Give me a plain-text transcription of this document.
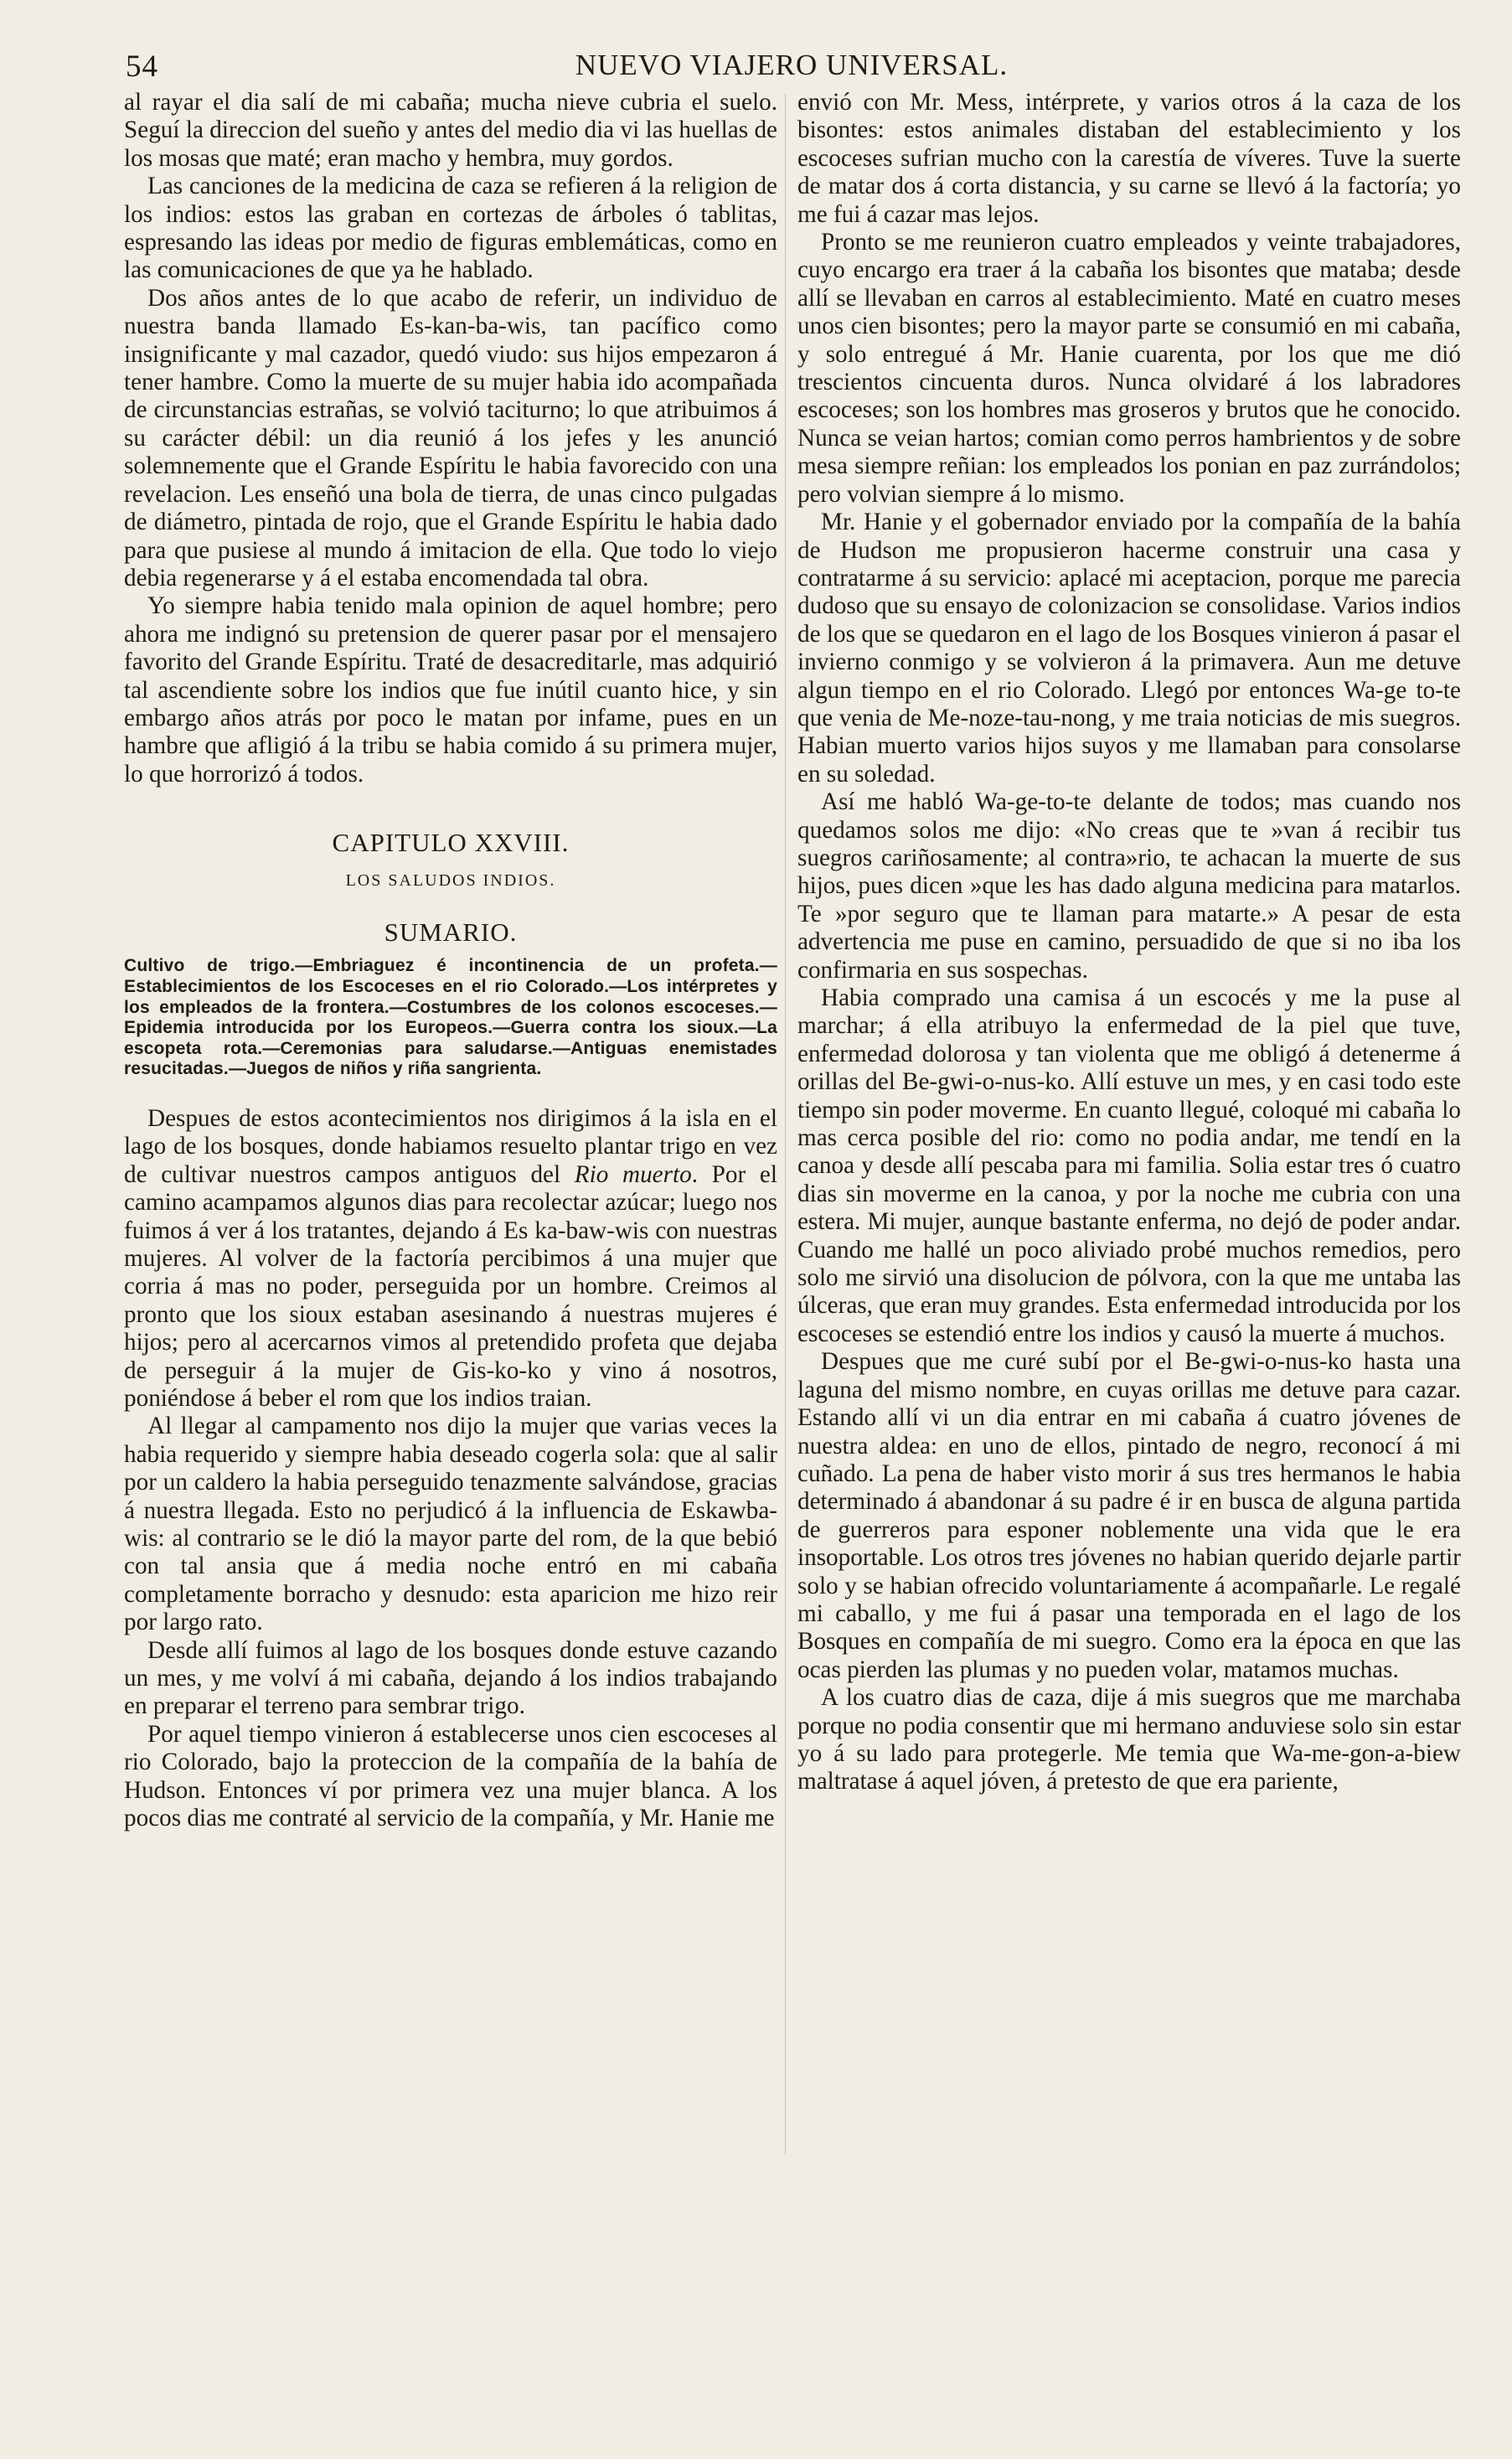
54	NUEVO VIAJERO UNIVERSAL.

al rayar el dia salí de mi cabaña; mucha nieve cubria el suelo. Seguí la direccion del sueño y antes del medio dia vi las huellas de los mosas que maté; eran macho y hembra, muy gordos.

Las canciones de la medicina de caza se refieren á la religion de los indios: estos las graban en cortezas de árboles ó tablitas, espresando las ideas por medio de figuras emblemáticas, como en las comunicaciones de que ya he hablado.

Dos años antes de lo que acabo de referir, un individuo de nuestra banda llamado Es-kan-ba-wis, tan pacífico como insignificante y mal cazador, quedó viudo: sus hijos empezaron á tener hambre. Como la muerte de su mujer habia ido acompañada de circunstancias estrañas, se volvió taciturno; lo que atribuimos á su carácter débil: un dia reunió á los jefes y les anunció solemnemente que el Grande Espíritu le habia favorecido con una revelacion. Les enseñó una bola de tierra, de unas cinco pulgadas de diámetro, pintada de rojo, que el Grande Espíritu le habia dado para que pusiese al mundo á imitacion de ella. Que todo lo viejo debia regenerarse y á el estaba encomendada tal obra.

Yo siempre habia tenido mala opinion de aquel hombre; pero ahora me indignó su pretension de querer pasar por el mensajero favorito del Grande Espíritu. Traté de desacreditarle, mas adquirió tal ascendiente sobre los indios que fue inútil cuanto hice, y sin embargo años atrás por poco le matan por infame, pues en un hambre que afligió á la tribu se habia comido á su primera mujer, lo que horrorizó á todos.

CAPITULO XXVIII.
LOS SALUDOS INDIOS.
SUMARIO.

Cultivo de trigo.—Embriaguez é incontinencia de un profeta.—Establecimientos de los Escoceses en el rio Colorado.—Los intérpretes y los empleados de la frontera.—Costumbres de los colonos escoceses.—Epidemia introducida por los Europeos.—Guerra contra los sioux.—La escopeta rota.—Ceremonias para saludarse.—Antiguas enemistades resucitadas.—Juegos de niños y riña sangrienta.

Despues de estos acontecimientos nos dirigimos á la isla en el lago de los bosques, donde habiamos resuelto plantar trigo en vez de cultivar nuestros campos antiguos del Rio muerto. Por el camino acampamos algunos dias para recolectar azúcar; luego nos fuimos á ver á los tratantes, dejando á Es ka-baw-wis con nuestras mujeres. Al volver de la factoría percibimos á una mujer que corria á mas no poder, perseguida por un hombre. Creimos al pronto que los sioux estaban asesinando á nuestras mujeres é hijos; pero al acercarnos vimos al pretendido profeta que dejaba de perseguir á la mujer de Gis-ko-ko y vino á nosotros, poniéndose á beber el rom que los indios traian.

Al llegar al campamento nos dijo la mujer que varias veces la habia requerido y siempre habia deseado cogerla sola: que al salir por un caldero la habia perseguido tenazmente salvándose, gracias á nuestra llegada. Esto no perjudicó á la influencia de Eskawba-wis: al contrario se le dió la mayor parte del rom, de la que bebió con tal ansia que á media noche entró en mi cabaña completamente borracho y desnudo: esta aparicion me hizo reir por largo rato.

Desde allí fuimos al lago de los bosques donde estuve cazando un mes, y me volví á mi cabaña, dejando á los indios trabajando en preparar el terreno para sembrar trigo.

Por aquel tiempo vinieron á establecerse unos cien escoceses al rio Colorado, bajo la proteccion de la compañía de la bahía de Hudson. Entonces ví por primera vez una mujer blanca. A los pocos dias me contraté al servicio de la compañía, y Mr. Hanie me

envió con Mr. Mess, intérprete, y varios otros á la caza de los bisontes: estos animales distaban del establecimiento y los escoceses sufrian mucho con la carestía de víveres. Tuve la suerte de matar dos á corta distancia, y su carne se llevó á la factoría; yo me fui á cazar mas lejos.

Pronto se me reunieron cuatro empleados y veinte trabajadores, cuyo encargo era traer á la cabaña los bisontes que mataba; desde allí se llevaban en carros al establecimiento. Maté en cuatro meses unos cien bisontes; pero la mayor parte se consumió en mi cabaña, y solo entregué á Mr. Hanie cuarenta, por los que me dió trescientos cincuenta duros. Nunca olvidaré á los labradores escoceses; son los hombres mas groseros y brutos que he conocido. Nunca se veian hartos; comian como perros hambrientos y de sobre mesa siempre reñian: los empleados los ponian en paz zurrándolos; pero volvian siempre á lo mismo.

Mr. Hanie y el gobernador enviado por la compañía de la bahía de Hudson me propusieron hacerme construir una casa y contratarme á su servicio: aplacé mi aceptacion, porque me parecia dudoso que su ensayo de colonizacion se consolidase. Varios indios de los que se quedaron en el lago de los Bosques vinieron á pasar el invierno conmigo y se volvieron á la primavera. Aun me detuve algun tiempo en el rio Colorado. Llegó por entonces Wa-ge to-te que venia de Me-noze-tau-nong, y me traia noticias de mis suegros. Habian muerto varios hijos suyos y me llamaban para consolarse en su soledad.

Así me habló Wa-ge-to-te delante de todos; mas cuando nos quedamos solos me dijo: «No creas que te »van á recibir tus suegros cariñosamente; al contra»rio, te achacan la muerte de sus hijos, pues dicen »que les has dado alguna medicina para matarlos. Te »por seguro que te llaman para matarte.» A pesar de esta advertencia me puse en camino, persuadido de que si no iba los confirmaria en sus sospechas.

Habia comprado una camisa á un escocés y me la puse al marchar; á ella atribuyo la enfermedad de la piel que tuve, enfermedad dolorosa y tan violenta que me obligó á detenerme á orillas del Be-gwi-o-nus-ko. Allí estuve un mes, y en casi todo este tiempo sin poder moverme. En cuanto llegué, coloqué mi cabaña lo mas cerca posible del rio: como no podia andar, me tendí en la canoa y desde allí pescaba para mi familia. Solia estar tres ó cuatro dias sin moverme en la canoa, y por la noche me cubria con una estera. Mi mujer, aunque bastante enferma, no dejó de poder andar. Cuando me hallé un poco aliviado probé muchos remedios, pero solo me sirvió una disolucion de pólvora, con la que me untaba las úlceras, que eran muy grandes. Esta enfermedad introducida por los escoceses se estendió entre los indios y causó la muerte á muchos.

Despues que me curé subí por el Be-gwi-o-nus-ko hasta una laguna del mismo nombre, en cuyas orillas me detuve para cazar. Estando allí vi un dia entrar en mi cabaña á cuatro jóvenes de nuestra aldea: en uno de ellos, pintado de negro, reconocí á mi cuñado. La pena de haber visto morir á sus tres hermanos le habia determinado á abandonar á su padre é ir en busca de alguna partida de guerreros para esponer noblemente una vida que le era insoportable. Los otros tres jóvenes no habian querido dejarle partir solo y se habian ofrecido voluntariamente á acompañarle. Le regalé mi caballo, y me fui á pasar una temporada en el lago de los Bosques en compañía de mi suegro. Como era la época en que las ocas pierden las plumas y no pueden volar, matamos muchas.

A los cuatro dias de caza, dije á mis suegros que me marchaba porque no podia consentir que mi hermano anduviese solo sin estar yo á su lado para protegerle. Me temia que Wa-me-gon-a-biew maltratase á aquel jóven, á pretesto de que era pariente,
